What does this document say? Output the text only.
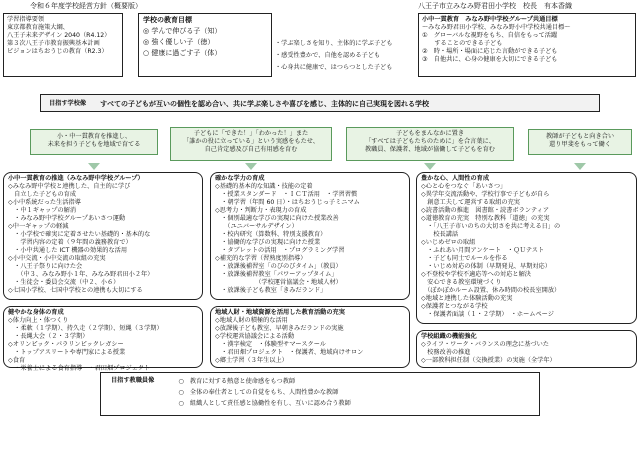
令和６年度学校経営方針（概要版）	八王子市立みなみ野君田小学校　校長　有本香織
学習指導要領
東京都教育施策大綱、
八王子未来デザイン 2040（R4.12）
第３次八王子市教育振興基本計画
ビジョンはちおうじの教育（R2.3）
学校の教育目標
◎ 学んで伸びる子（知）
◎ 強く優しい子（徳）
○ 健康に過ごす子（体）
・学ぶ楽しさを知り、主体的に学ぶ子ども
・感受性豊かで、自他を認める子ども
・心身共に健康で、はつらつとした子ども
小中一貫教育　みなみ野中学校グループ共通目標
〜みなみ野君田小学校、みなみ野小中学校共通目標〜
①　グローバルな視野をもち、自信をもって活躍
　　することのできる子ども
②　時・場所・場面に応じた言動ができる子ども
③　自他共に、心身の健康を大切にできる子ども
目指す学校像 すべての子どもが互いの個性を認め合い、共に学ぶ楽しさや喜びを感じ、主体的に自己実現を図れる学校
小・中一貫教育を推進し、
未来を担う子どもを地域で育てる
子どもに「できた！」「わかった！」また
「誰かの役に立っている」という実感をもたせ、
自己肯定感及び自己有用感を育む
子どもをまんなかに置き
「すべては子どもたちのために」を合言葉に、
教職員、保護者、地域が協働して子どもを育む
教師が子どもと向き合い
還り甲斐をもって働く
小中一貫教育の推進（みなみ野中学校グループ）
◇みなみ野中学校と連携した、自主的に学び
　自立した子どもの育成
◇小中系統だった生活指導
　・中１ギャップの解消
　・みなみ野中学校グループあいさつ運動
◇中一ギャップの軽減
　・小学校で確実に定着させたい基礎的・基本的な
　　学習内容の定着（９年間の義務教育で）
　・小中共通した ICT 機器の効果的な活用
◇小中交流・小中交流の取組の充実
　・八王子祭りに向けた会
　　（中３、みなみ野小１年、みなみ野君田小２年）
　・生徒会・委員会交流（中２、小６）
◇七国小学校、七国中学校との連携も大切にする
確かな学力の育成
◇基礎的基本的な知識・技能の定着
　・授業スタンダード　・ＩＣＴ活用　・学習習慣
　・朝学習（年間 60 日）・はちおうじっ子ミニマム
◇思考力・判断力・表現力の育成
　・個別最適な学びの実現に向けた授業改善
　　（ユニバーサルデザイン）
　・校内研究（算数科、特別支援教育）
　・協働的な学びの実現に向けた授業
　・タブレットの活用　・プログラミング学習
◇補充的な学習（習熟度別指導）
　・放課後補習室「のびのびタイム」（教員）
　・放課後補習教室「パワーアップタイム」
　　　　　　　（学校運営協議会・地域人材）
　・放課後子ども教室「きみだランド」
豊かな心、人間性の育成
◇心と心をつなぐ「あいさつ」
◇異学年交流活動や、学校行事で子どもが自ら
　創意工夫して運営する取組の充実
◇読書活動の推進　図書館・読書ボランティア
◇道徳教育の充実　特別な教科「道徳」の充実
　・「八王子市いのちの大切さを共に考える日」の
　　校長講話
◇いじめゼロの取組
　・ふれあい月間アンケート　・ＱＵテスト
　・子ども同士でルールを作る
　・いじめ対応の体制（早期発見、早期対応）
◇不登校や学校不適応等への対応と解決
　安心できる教室環境づくり
　（ぽかぽかルーム設置、休み時間の校長室開放）
◇地域と連携した体験活動の充実
◇保護者とつながる学校
　・保護者面談（１・２学期）　・ホームページ
健やかな身体の育成
◇体力向上・体つくり
　・柔軟（１学期）、持久走（２学期）、短縄（３学期）
　・長縄大会（２・３学期）
◇オリンピック・パラリンピックレガシー
　・トップアスリートや専門家による授業
◇食育
　・栄養士による食育指導　・君田畑プロジェクト
地域人財・地域資源を活用した教育活動の充実
◇地域人財の積極的な活用
◇放課後子ども教室、早朝きみだランドの実施
◇学校運営協議会による活動
　・漢字検定　・体験型サマースクール
　・君田畑プロジェクト　・保護者、地域向けサロン
◇郷土学習（３年生以上）
学校組織の機能強化
◇ライフ・ワーク・バランスの理念に基づいた
　校務改善の推進
◇一部教科担任制（交換授業）の実施（全学年）
目指す教職員像	○　教育に対する熱意と使命感をもつ教師
○　全体の奉仕者としての自覚をもち、人間性豊かな教師
○　組織人として責任感と協働性を有し、互いに認め合う教師
